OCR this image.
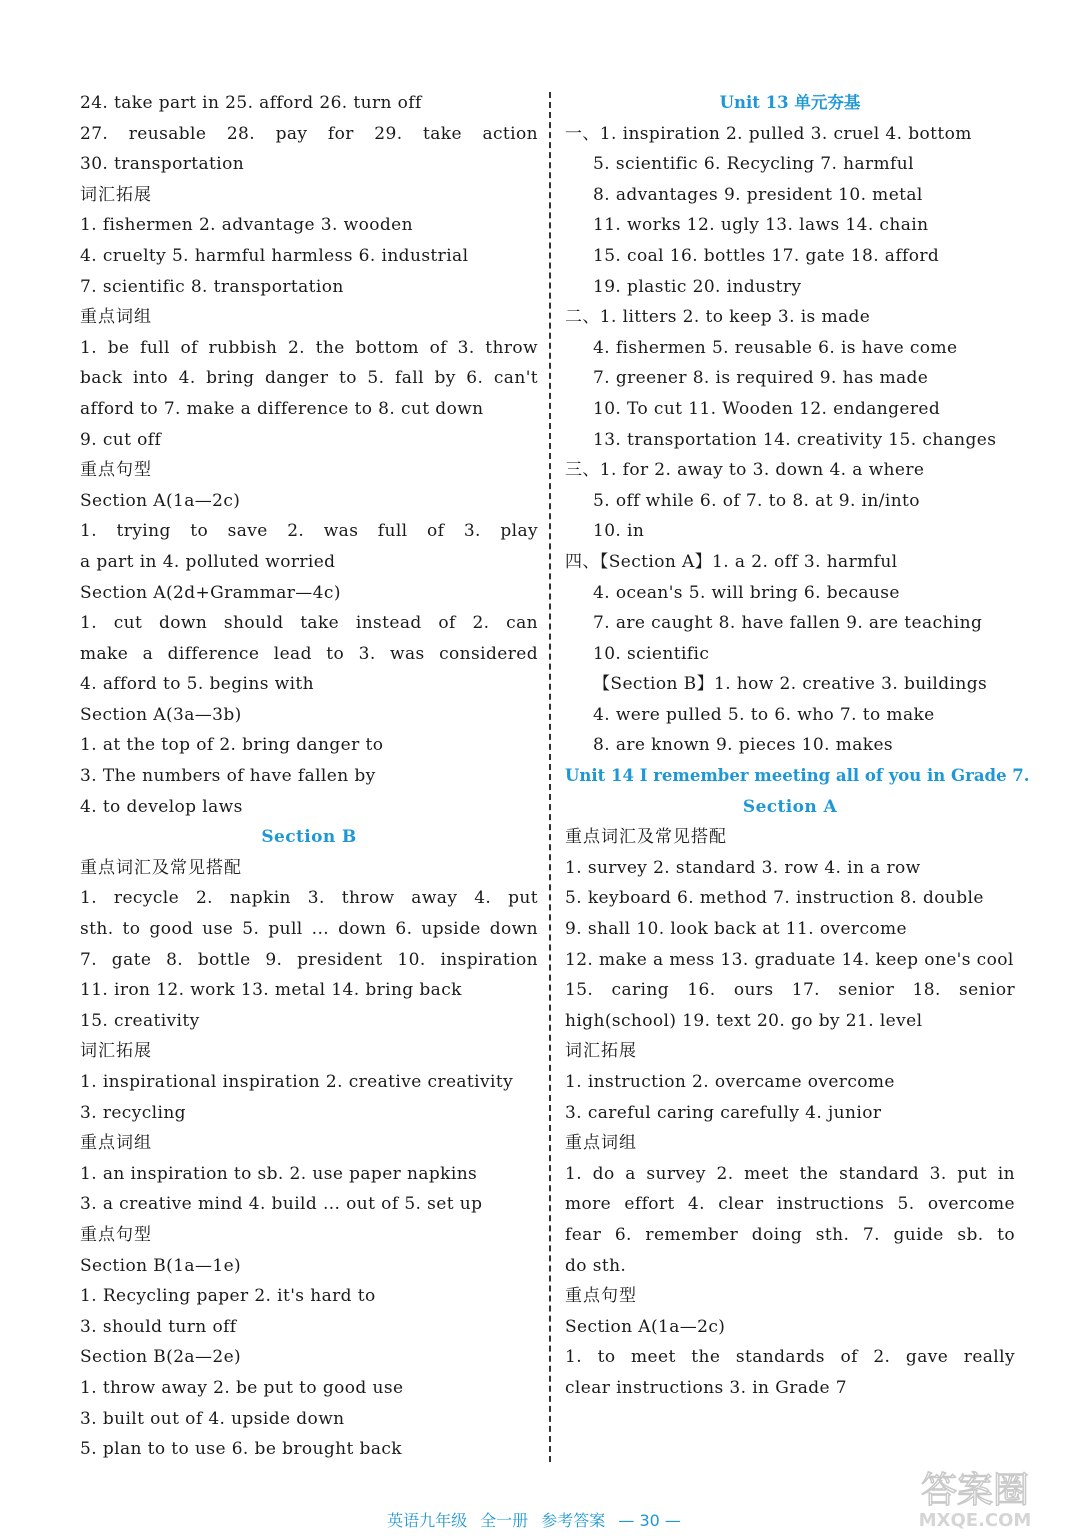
24. take part in 25. afford 26. turn off
27. reusable 28. pay for 29. take action
30. transportation
词汇拓展
1. fishermen 2. advantage 3. wooden
4. cruelty 5. harmful harmless 6. industrial
7. scientific 8. transportation
重点词组
1. be full of rubbish 2. the bottom of 3. throw
back into 4. bring danger to 5. fall by 6. can't
afford to 7. make a difference to 8. cut down
9. cut off
重点句型
Section A(1a—2c)
1. trying to save 2. was full of 3. play
a part in 4. polluted worried
Section A(2d+Grammar—4c)
1. cut down should take instead of 2. can
make a difference lead to 3. was considered
4. afford to 5. begins with
Section A(3a—3b)
1. at the top of 2. bring danger to
3. The numbers of have fallen by
4. to develop laws
Section B
重点词汇及常见搭配
1. recycle 2. napkin 3. throw away 4. put
sth. to good use 5. pull ... down 6. upside down
7. gate 8. bottle 9. president 10. inspiration
11. iron 12. work 13. metal 14. bring back
15. creativity
词汇拓展
1. inspirational inspiration 2. creative creativity
3. recycling
重点词组
1. an inspiration to sb. 2. use paper napkins
3. a creative mind 4. build ... out of 5. set up
重点句型
Section B(1a—1e)
1. Recycling paper 2. it's hard to
3. should turn off
Section B(2a—2e)
1. throw away 2. be put to good use
3. built out of 4. upside down
5. plan to to use 6. be brought back
Unit 13 单元夯基
一、1. inspiration 2. pulled 3. cruel 4. bottom
5. scientific 6. Recycling 7. harmful
8. advantages 9. president 10. metal
11. works 12. ugly 13. laws 14. chain
15. coal 16. bottles 17. gate 18. afford
19. plastic 20. industry
二、1. litters 2. to keep 3. is made
4. fishermen 5. reusable 6. is have come
7. greener 8. is required 9. has made
10. To cut 11. Wooden 12. endangered
13. transportation 14. creativity 15. changes
三、1. for 2. away to 3. down 4. a where
5. off while 6. of 7. to 8. at 9. in/into
10. in
四、【Section A】1. a 2. off 3. harmful
4. ocean's 5. will bring 6. because
7. are caught 8. have fallen 9. are teaching
10. scientific
【Section B】1. how 2. creative 3. buildings
4. were pulled 5. to 6. who 7. to make
8. are known 9. pieces 10. makes
Unit 14 I remember meeting all of you in Grade 7.
Section A
重点词汇及常见搭配
1. survey 2. standard 3. row 4. in a row
5. keyboard 6. method 7. instruction 8. double
9. shall 10. look back at 11. overcome
12. make a mess 13. graduate 14. keep one's cool
15. caring 16. ours 17. senior 18. senior
high(school) 19. text 20. go by 21. level
词汇拓展
1. instruction 2. overcame overcome
3. careful caring carefully 4. junior
重点词组
1. do a survey 2. meet the standard 3. put in
more effort 4. clear instructions 5. overcome
fear 6. remember doing sth. 7. guide sb. to
do sth.
重点句型
Section A(1a—2c)
1. to meet the standards of 2. gave really
clear instructions 3. in Grade 7
英语九年级 全一册 参考答案 — 30 —
答案圈
MXQE.COM
